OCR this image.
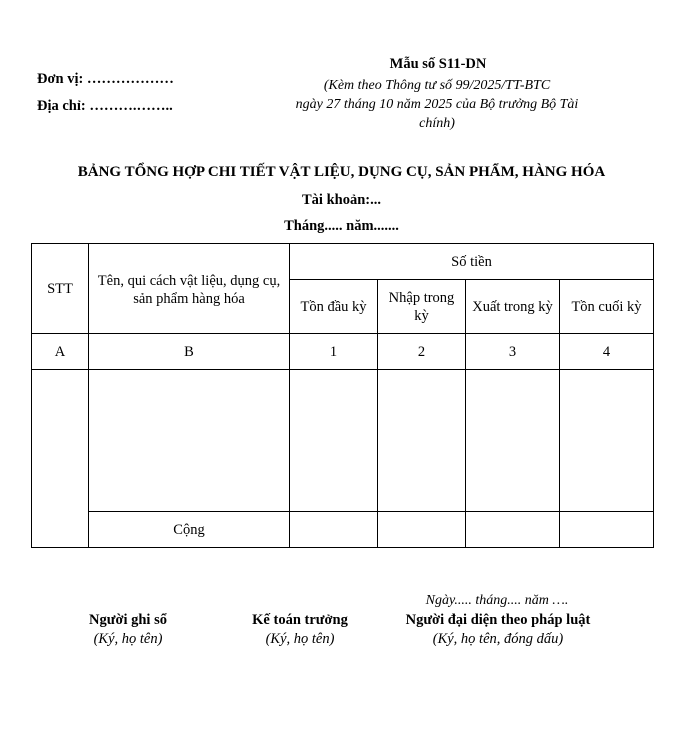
Đơn vị: ………………
Địa chỉ: ……….……..
Mẫu số S11-DN
(Kèm theo Thông tư số 99/2025/TT-BTC
ngày 27 tháng 10 năm 2025 của Bộ trưởng Bộ Tài
chính)
BẢNG TỔNG HỢP CHI TIẾT VẬT LIỆU, DỤNG CỤ, SẢN PHẨM, HÀNG HÓA
Tài khoản:...
Tháng..... năm.......
STT	Tên, qui cách vật liệu, dụng cụ, sản phẩm hàng hóa	Số tiền			
		Tồn đầu kỳ	Nhập trong kỳ	Xuất trong kỳ	Tồn cuối kỳ
A	B	1	2	3	4

	Cộng				
Ngày..... tháng.... năm ….
Người ghi sổ
(Ký, họ tên)
Kế toán trưởng
(Ký, họ tên)
Người đại diện theo pháp luật
(Ký, họ tên, đóng dấu)
